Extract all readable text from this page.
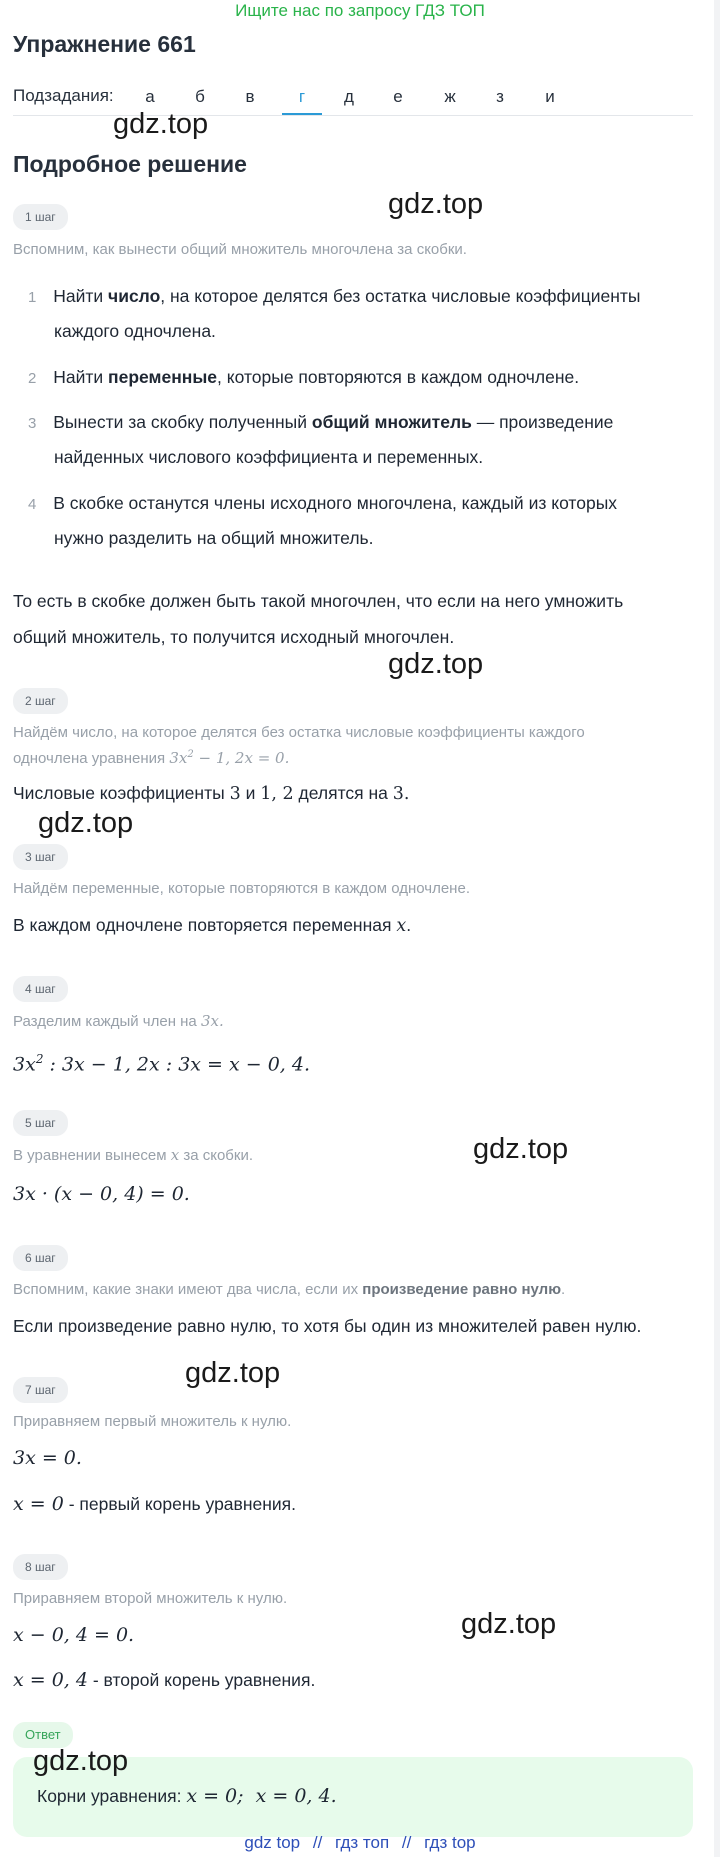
Ищите нас по запросу ГДЗ ТОП
Упражнение 661
Подзадания:	а	б	в	г	д	е	ж	з	и
Подробное решение
1 шаг
Вспомним, как вынести общий множитель многочлена за скобки.
1 Найти число, на которое делятся без остатка числовые коэффициенты
каждого одночлена.
2 Найти переменные, которые повторяются в каждом одночлене.
3 Вынести за скобку полученный общий множитель — произведение
найденных числового коэффициента и переменных.
4 В скобке останутся члены исходного многочлена, каждый из которых
нужно разделить на общий множитель.
То есть в скобке должен быть такой многочлен, что если на него умножить
общий множитель, то получится исходный многочлен.
2 шаг
Найдём число, на которое делятся без остатка числовые коэффициенты каждого
одночлена уравнения $3x^2 - 1$, 2x = 0.
Числовые коэффициенты 3 и 1, 2 делятся на 3.
3 шаг
Найдём переменные, которые повторяются в каждом одночлене.
В каждом одночлене повторяется переменная x.
4 шаг
Разделим каждый член на 3x.
$3x^2$ : 3x − 1, 2x : 3x = x − 0, 4.
5 шаг
В уравнении вынесем x за скобки.
3x · (x − 0, 4) = 0.
6 шаг
Вспомним, какие знаки имеют два числа, если их произведение равно нулю.
Если произведение равно нулю, то хотя бы один из множителей равен нулю.
7 шаг
Приравняем первый множитель к нулю.
3x = 0.
x = 0 - первый корень уравнения.
8 шаг
Приравняем второй множитель к нулю.
x − 0, 4 = 0.
x = 0, 4 - второй корень уравнения.
Ответ
Корни уравнения: x = 0;  x = 0, 4.
gdz.top
gdz.top
gdz.top
gdz.top
gdz.top
gdz.top
gdz.top
gdz.top
gdz top // гдз топ // гдз top
